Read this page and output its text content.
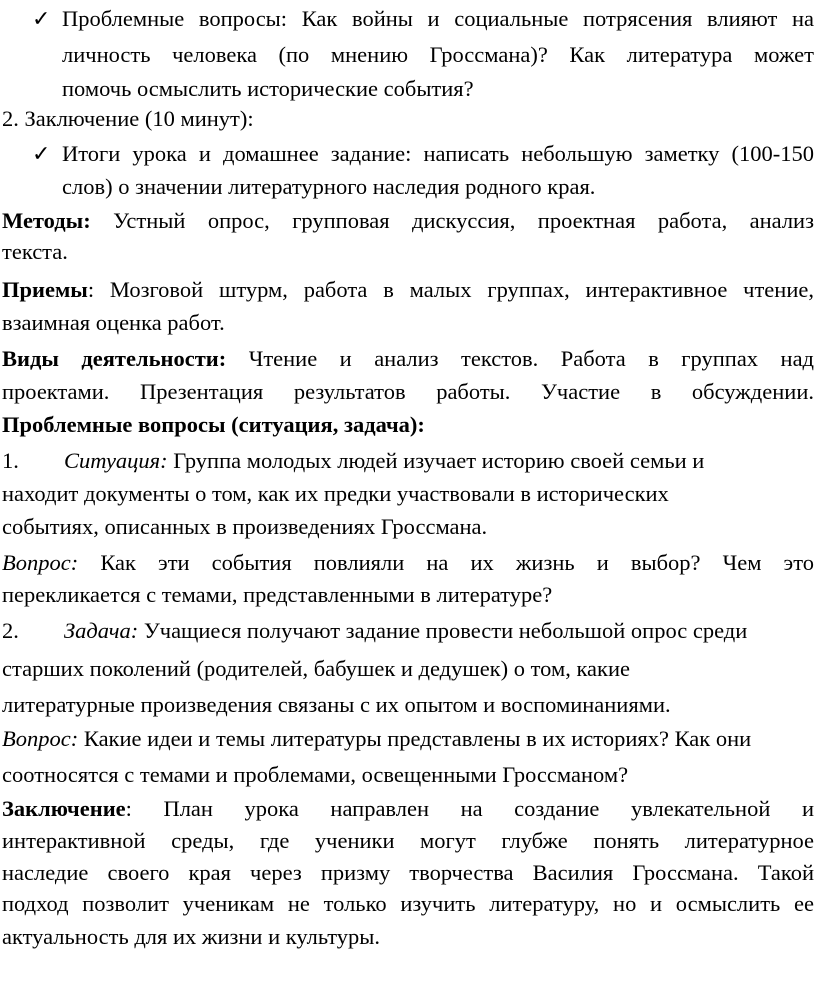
✓ Проблемные вопросы: Как войны и социальные потрясения влияют на
личность человека (по мнению Гроссмана)? Как литература может
помочь осмыслить исторические события?
2. Заключение (10 минут):
✓ Итоги урока и домашнее задание: написать небольшую заметку (100-150
слов) о значении литературного наследия родного края.
Методы: Устный опрос, групповая дискуссия, проектная работа, анализ
текста.
Приемы: Мозговой штурм, работа в малых группах, интерактивное чтение,
взаимная оценка работ.
Виды деятельности: Чтение и анализ текстов. Работа в группах над
проектами. Презентация результатов работы. Участие в обсуждении.
Проблемные вопросы (ситуация, задача):
1. Ситуация: Группа молодых людей изучает историю своей семьи и
находит документы о том, как их предки участвовали в исторических
событиях, описанных в произведениях Гроссмана.
Вопрос: Как эти события повлияли на их жизнь и выбор? Чем это
перекликается с темами, представленными в литературе?
2. Задача: Учащиеся получают задание провести небольшой опрос среди
старших поколений (родителей, бабушек и дедушек) о том, какие
литературные произведения связаны с их опытом и воспоминаниями.
Вопрос: Какие идеи и темы литературы представлены в их историях? Как они
соотносятся с темами и проблемами, освещенными Гроссманом?
Заключение: План урока направлен на создание увлекательной и
интерактивной среды, где ученики могут глубже понять литературное
наследие своего края через призму творчества Василия Гроссмана. Такой
подход позволит ученикам не только изучить литературу, но и осмыслить ее
актуальность для их жизни и культуры.
